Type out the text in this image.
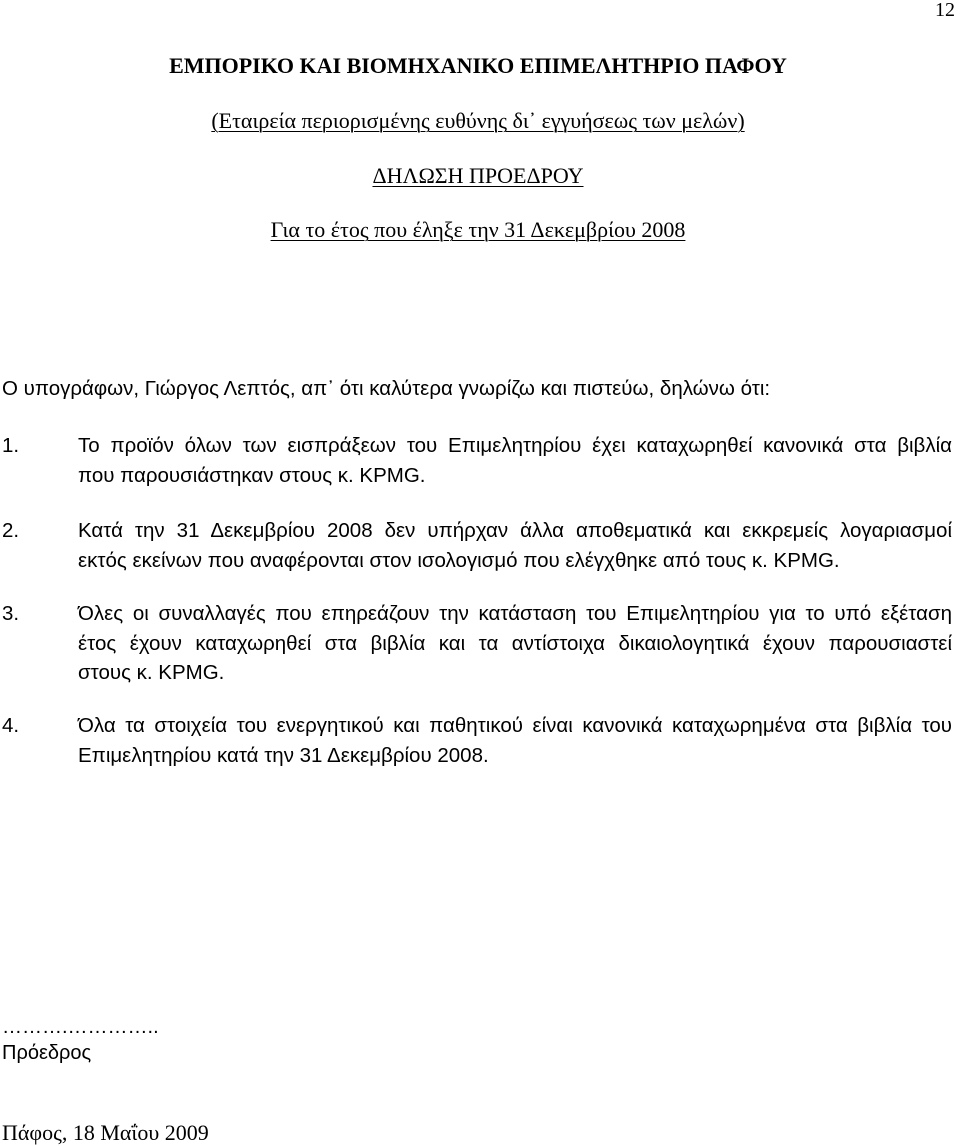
12
ΕΜΠΟΡΙΚΟ ΚΑΙ ΒΙΟΜΗΧΑΝΙΚΟ ΕΠΙΜΕΛΗΤΗΡΙΟ ΠΑΦΟΥ
(Εταιρεία περιορισμένης ευθύνης δι᾽ εγγυήσεως των μελών)
ΔΗΛΩΣΗ ΠΡΟΕΔΡΟΥ
Για το έτος που έληξε την 31 Δεκεμβρίου 2008
Ο υπογράφων, Γιώργος Λεπτός, απ᾽ ότι καλύτερα γνωρίζω και πιστεύω, δηλώνω ότι:
1.	Το προϊόν όλων των εισπράξεων του Επιμελητηρίου έχει καταχωρηθεί κανονικά στα βιβλία
που παρουσιάστηκαν στους κ. KPMG.
2.	Κατά την 31 Δεκεμβρίου 2008 δεν υπήρχαν άλλα αποθεματικά και εκκρεμείς λογαριασμοί
εκτός εκείνων που αναφέρονται στον ισολογισμό που ελέγχθηκε από τους κ. KPMG.
3.	Όλες οι συναλλαγές που επηρεάζουν την κατάσταση του Επιμελητηρίου για το υπό εξέταση
έτος έχουν καταχωρηθεί στα βιβλία και τα αντίστοιχα δικαιολογητικά έχουν παρουσιαστεί
στους κ. KPMG.
4.	Όλα τα στοιχεία του ενεργητικού και παθητικού είναι κανονικά καταχωρημένα στα βιβλία του
Επιμελητηρίου κατά την 31 Δεκεμβρίου 2008.
……….…………..
Πρόεδρος
Πάφος, 18 Μαΐου 2009
